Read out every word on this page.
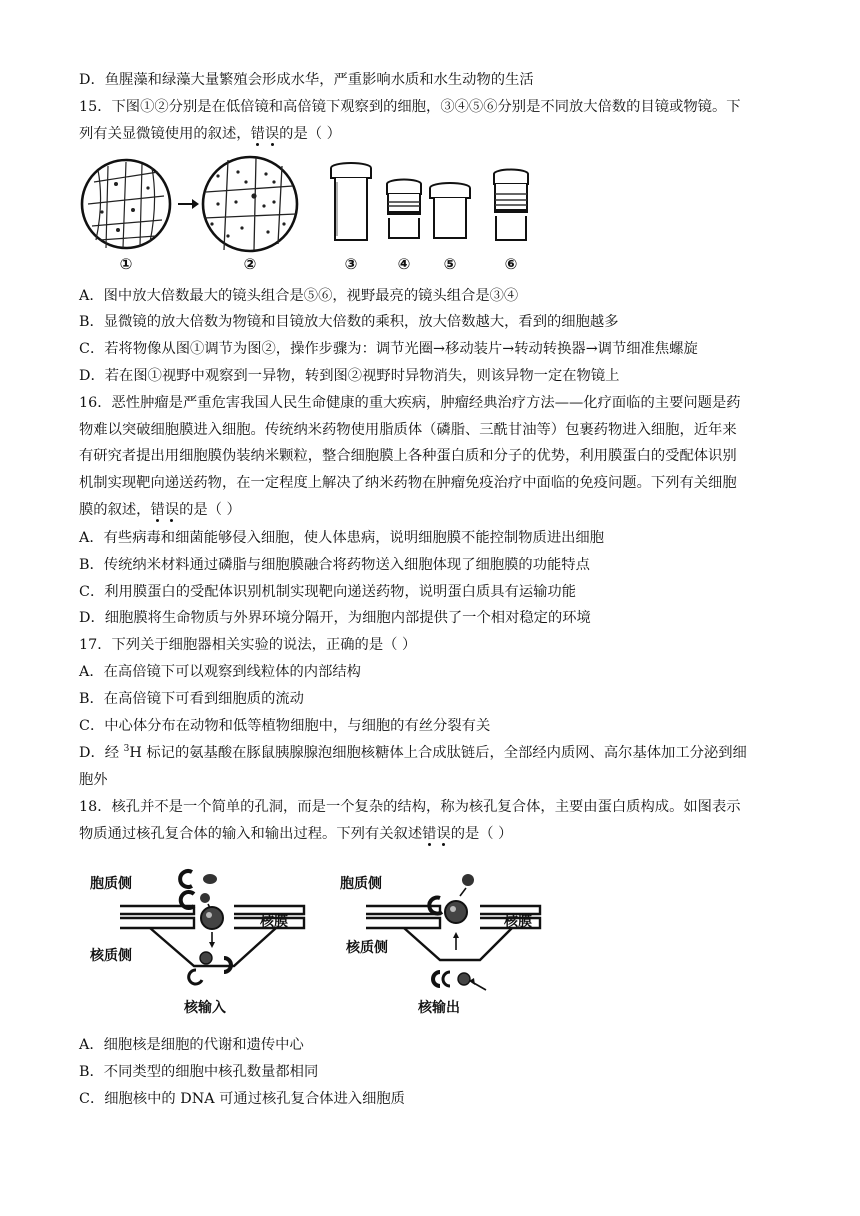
D．鱼腥藻和绿藻大量繁殖会形成水华，严重影响水质和水生动物的生活
15．下图①②分别是在低倍镜和高倍镜下观察到的细胞，③④⑤⑥分别是不同放大倍数的目镜或物镜。下
列有关显微镜使用的叙述，错误的是（ ）
①	②	③	④ ⑤	⑥
A．图中放大倍数最大的镜头组合是⑤⑥，视野最亮的镜头组合是③④
B．显微镜的放大倍数为物镜和目镜放大倍数的乘积，放大倍数越大，看到的细胞越多
C．若将物像从图①调节为图②，操作步骤为：调节光圈→移动装片→转动转换器→调节细准焦螺旋
D．若在图①视野中观察到一异物，转到图②视野时异物消失，则该异物一定在物镜上
16．恶性肿瘤是严重危害我国人民生命健康的重大疾病，肿瘤经典治疗方法——化疗面临的主要问题是药
物难以突破细胞膜进入细胞。传统纳米药物使用脂质体（磷脂、三酰甘油等）包裹药物进入细胞，近年来
有研究者提出用细胞膜伪装纳米颗粒，整合细胞膜上各种蛋白质和分子的优势，利用膜蛋白的受配体识别
机制实现靶向递送药物，在一定程度上解决了纳米药物在肿瘤免疫治疗中面临的免疫问题。下列有关细胞
膜的叙述，错误的是（ ）
A．有些病毒和细菌能够侵入细胞，使人体患病，说明细胞膜不能控制物质进出细胞
B．传统纳米材料通过磷脂与细胞膜融合将药物送入细胞体现了细胞膜的功能特点
C．利用膜蛋白的受配体识别机制实现靶向递送药物，说明蛋白质具有运输功能
D．细胞膜将生命物质与外界环境分隔开，为细胞内部提供了一个相对稳定的环境
17．下列关于细胞器相关实验的说法，正确的是（ ）
A．在高倍镜下可以观察到线粒体的内部结构
B．在高倍镜下可看到细胞质的流动
C．中心体分布在动物和低等植物细胞中，与细胞的有丝分裂有关
D．经 $^3$H 标记的氨基酸在豚鼠胰腺腺泡细胞核糖体上合成肽链后，全部经内质网、高尔基体加工分泌到细
胞外
18．核孔并不是一个简单的孔洞，而是一个复杂的结构，称为核孔复合体，主要由蛋白质构成。如图表示
物质通过核孔复合体的输入和输出过程。下列有关叙述错误的是（ ）
胞质侧
核质侧
核输入
核膜
胞质侧
核质侧
核输出
核膜
A．细胞核是细胞的代谢和遗传中心
B．不同类型的细胞中核孔数量都相同
C．细胞核中的 DNA 可通过核孔复合体进入细胞质
